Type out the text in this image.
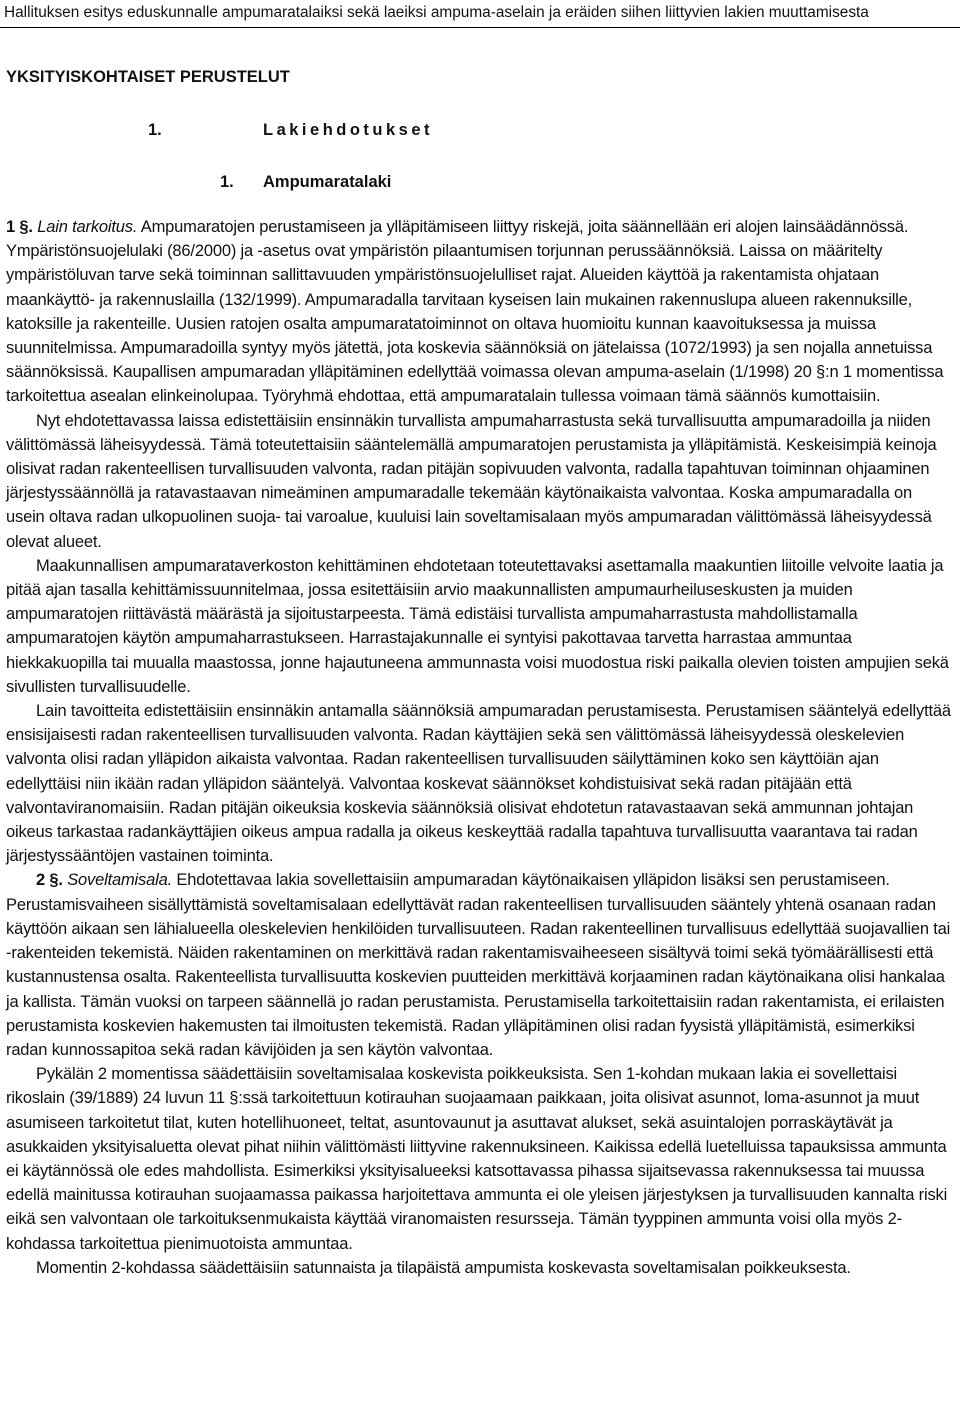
Hallituksen esitys eduskunnalle ampumaratalaiksi sekä laeiksi ampuma-aselain ja eräiden siihen liittyvien lakien muuttamisesta
YKSITYISKOHTAISET PERUSTELUT
1.	Lakiehdotukset
1. Ampumaratalaki

1 §. Lain tarkoitus. Ampumaratojen perustamiseen ja ylläpitämiseen liittyy riskejä, joita säännellään eri alojen lainsäädännössä. Ympäristönsuojelulaki (86/2000) ja -asetus ovat ympäristön pilaantumisen torjunnan perussäännöksiä. Laissa on määritelty ympäristöluvan tarve sekä toiminnan sallittavuuden ympäristönsuojelulliset rajat. Alueiden käyttöä ja rakentamista ohjataan maankäyttö- ja rakennuslailla (132/1999). Ampumaradalla tarvitaan kyseisen lain mukainen rakennuslupa alueen rakennuksille, katoksille ja rakenteille. Uusien ratojen osalta ampumaratatoiminnot on oltava huomioitu kunnan kaavoituksessa ja muissa suunnitelmissa. Ampumaradoilla syntyy myös jätettä, jota koskevia säännöksiä on jätelaissa (1072/1993) ja sen nojalla annetuissa säännöksissä. Kaupallisen ampumaradan ylläpitäminen edellyttää voimassa olevan ampuma-aselain (1/1998) 20 §:n 1 momentissa tarkoitettua asealan elinkeinolupaa. Työryhmä ehdottaa, että ampumaratalain tullessa voimaan tämä säännös kumottaisiin.

Nyt ehdotettavassa laissa edistettäisiin ensinnäkin turvallista ampumaharrastusta sekä turvallisuutta ampumaradoilla ja niiden välittömässä läheisyydessä. Tämä toteutettaisiin sääntelemällä ampumaratojen perustamista ja ylläpitämistä. Keskeisimpiä keinoja olisivat radan rakenteellisen turvallisuuden valvonta, radan pitäjän sopivuuden valvonta, radalla tapahtuvan toiminnan ohjaaminen järjestyssäännöllä ja ratavastaavan nimeäminen ampumaradalle tekemään käytönaikaista valvontaa. Koska ampumaradalla on usein oltava radan ulkopuolinen suoja- tai varoalue, kuuluisi lain soveltamisalaan myös ampumaradan välittömässä läheisyydessä olevat alueet.

Maakunnallisen ampumarataverkoston kehittäminen ehdotetaan toteutettavaksi asettamalla maakuntien liitoille velvoite laatia ja pitää ajan tasalla kehittämissuunnitelmaa, jossa esitettäisiin arvio maakunnallisten ampumaurheiluseskusten ja muiden ampumaratojen riittävästä määrästä ja sijoitustarpeesta. Tämä edistäisi turvallista ampumaharrastusta mahdollistamalla ampumaratojen käytön ampumaharrastukseen. Harrastajakunnalle ei syntyisi pakottavaa tarvetta harrastaa ammuntaa hiekkakuopilla tai muualla maastossa, jonne hajautuneena ammunnasta voisi muodostua riski paikalla olevien toisten ampujien sekä sivullisten turvallisuudelle.

Lain tavoitteita edistettäisiin ensinnäkin antamalla säännöksiä ampumaradan perustamisesta. Perustamisen sääntelyä edellyttää ensisijaisesti radan rakenteellisen turvallisuuden valvonta. Radan käyttäjien sekä sen välittömässä läheisyydessä oleskelevien valvonta olisi radan ylläpidon aikaista valvontaa. Radan rakenteellisen turvallisuuden säilyttäminen koko sen käyttöiän ajan edellyttäisi niin ikään radan ylläpidon sääntelyä. Valvontaa koskevat säännökset kohdistuisivat sekä radan pitäjään että valvontaviranomaisiin. Radan pitäjän oikeuksia koskevia säännöksiä olisivat ehdotetun ratavastaavan sekä ammunnan johtajan oikeus tarkastaa radankäyttäjien oikeus ampua radalla ja oikeus keskeyttää radalla tapahtuva turvallisuutta vaarantava tai radan järjestyssääntöjen vastainen toiminta.

2 §. Soveltamisala. Ehdotettavaa lakia sovellettaisiin ampumaradan käytönaikaisen ylläpidon lisäksi sen perustamiseen. Perustamisvaiheen sisällyttämistä soveltamisalaan edellyttävät radan rakenteellisen turvallisuuden sääntely yhtenä osanaan radan käyttöön aikaan sen lähialueella oleskelevien henkilöiden turvallisuuteen. Radan rakenteellinen turvallisuus edellyttää suojavallien tai -rakenteiden tekemistä. Näiden rakentaminen on merkittävä radan rakentamisvaiheeseen sisältyvä toimi sekä työmäärällisesti että kustannustensa osalta. Rakenteellista turvallisuutta koskevien puutteiden merkittävä korjaaminen radan käytönaikana olisi hankalaa ja kallista. Tämän vuoksi on tarpeen säännellä jo radan perustamista. Perustamisella tarkoitettaisiin radan rakentamista, ei erilaisten perustamista koskevien hakemusten tai ilmoitusten tekemistä. Radan ylläpitäminen olisi radan fyysistä ylläpitämistä, esimerkiksi radan kunnossapitoa sekä radan kävijöiden ja sen käytön valvontaa.

Pykälän 2 momentissa säädettäisiin soveltamisalaa koskevista poikkeuksista. Sen 1-kohdan mukaan lakia ei sovellettaisi rikoslain (39/1889) 24 luvun 11 §:ssä tarkoitettuun kotirauhan suojaamaan paikkaan, joita olisivat asunnot, loma-asunnot ja muut asumiseen tarkoitetut tilat, kuten hotellihuoneet, teltat, asuntovaunut ja asuttavat alukset, sekä asuintalojen porraskäytävät ja asukkaiden yksityisaluetta olevat pihat niihin välittömästi liittyvine rakennuksineen. Kaikissa edellä luetelluissa tapauksissa ammunta ei käytännössä ole edes mahdollista. Esimerkiksi yksityisalueeksi katsottavassa pihassa sijaitsevassa rakennuksessa tai muussa edellä mainitussa kotirauhan suojaamassa paikassa harjoitettava ammunta ei ole yleisen järjestyksen ja turvallisuuden kannalta riski eikä sen valvontaan ole tarkoituksenmukaista käyttää viranomaisten resursseja. Tämän tyyppinen ammunta voisi olla myös 2-kohdassa tarkoitettua pienimuotoista ammuntaa.

Momentin 2-kohdassa säädettäisiin satunnaista ja tilapäistä ampumista koskevasta soveltamisalan poikkeuksesta.
